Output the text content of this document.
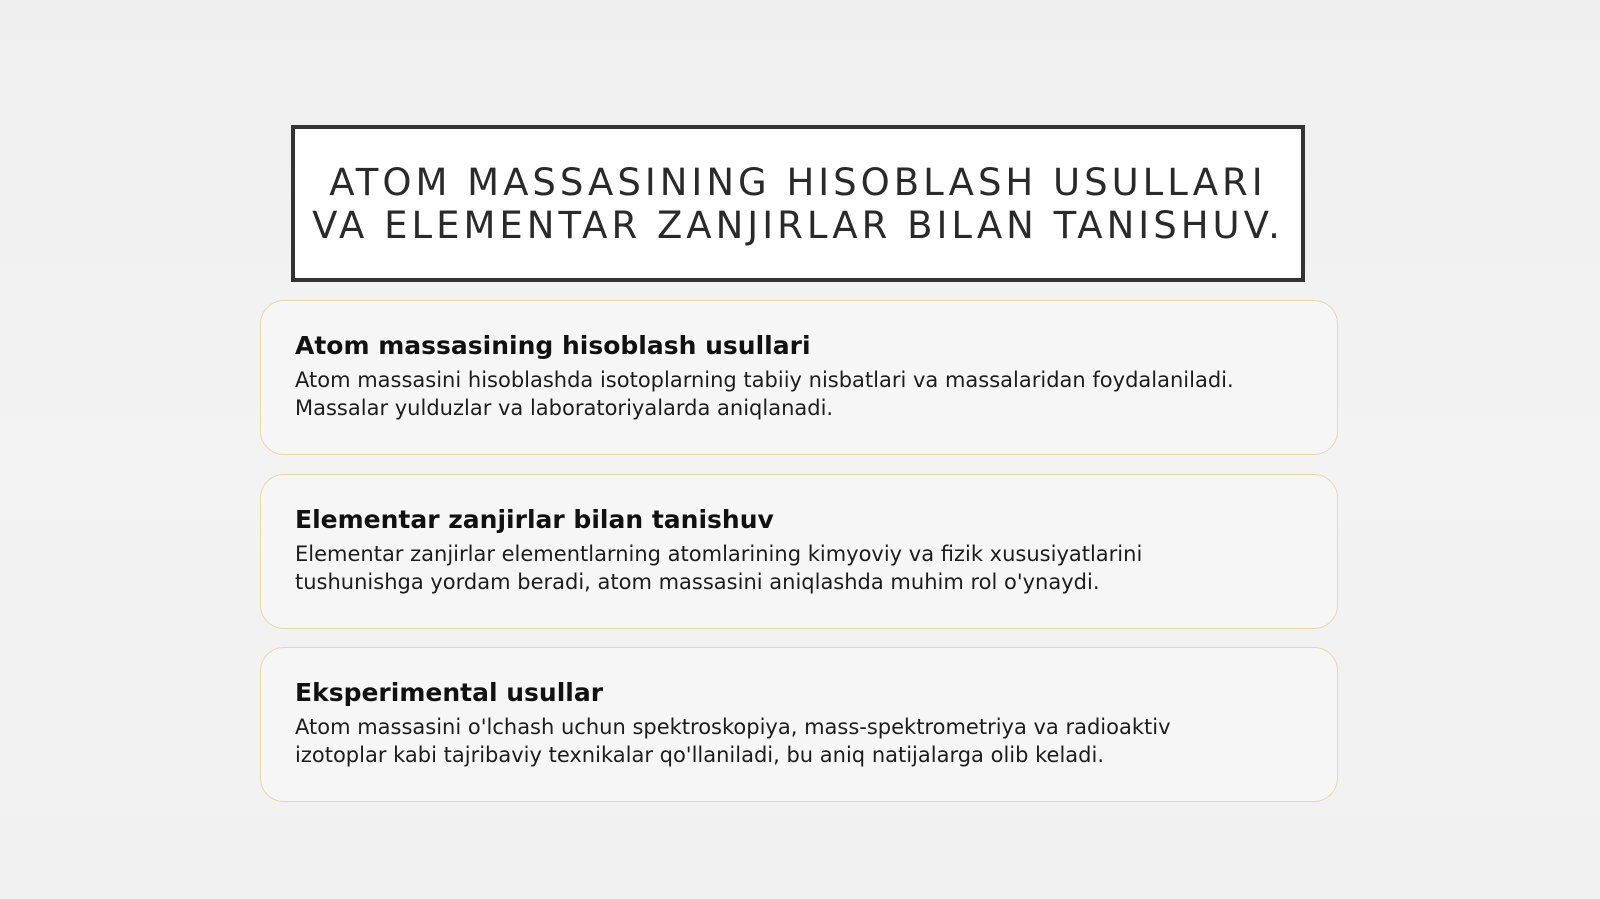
ATOM MASSASINING HISOBLASH USULLARI
VA ELEMENTAR ZANJIRLAR BILAN TANISHUV.
Atom massasining hisoblash usullari

Atom massasini hisoblashda isotoplarning tabiiy nisbatlari va massalaridan foydalaniladi.
Massalar yulduzlar va laboratoriyalarda aniqlanadi.

Elementar zanjirlar bilan tanishuv

Elementar zanjirlar elementlarning atomlarining kimyoviy va fizik xususiyatlarini
tushunishga yordam beradi, atom massasini aniqlashda muhim rol o'ynaydi.

Eksperimental usullar

Atom massasini o'lchash uchun spektroskopiya, mass-spektrometriya va radioaktiv
izotoplar kabi tajribaviy texnikalar qo'llaniladi, bu aniq natijalarga olib keladi.
